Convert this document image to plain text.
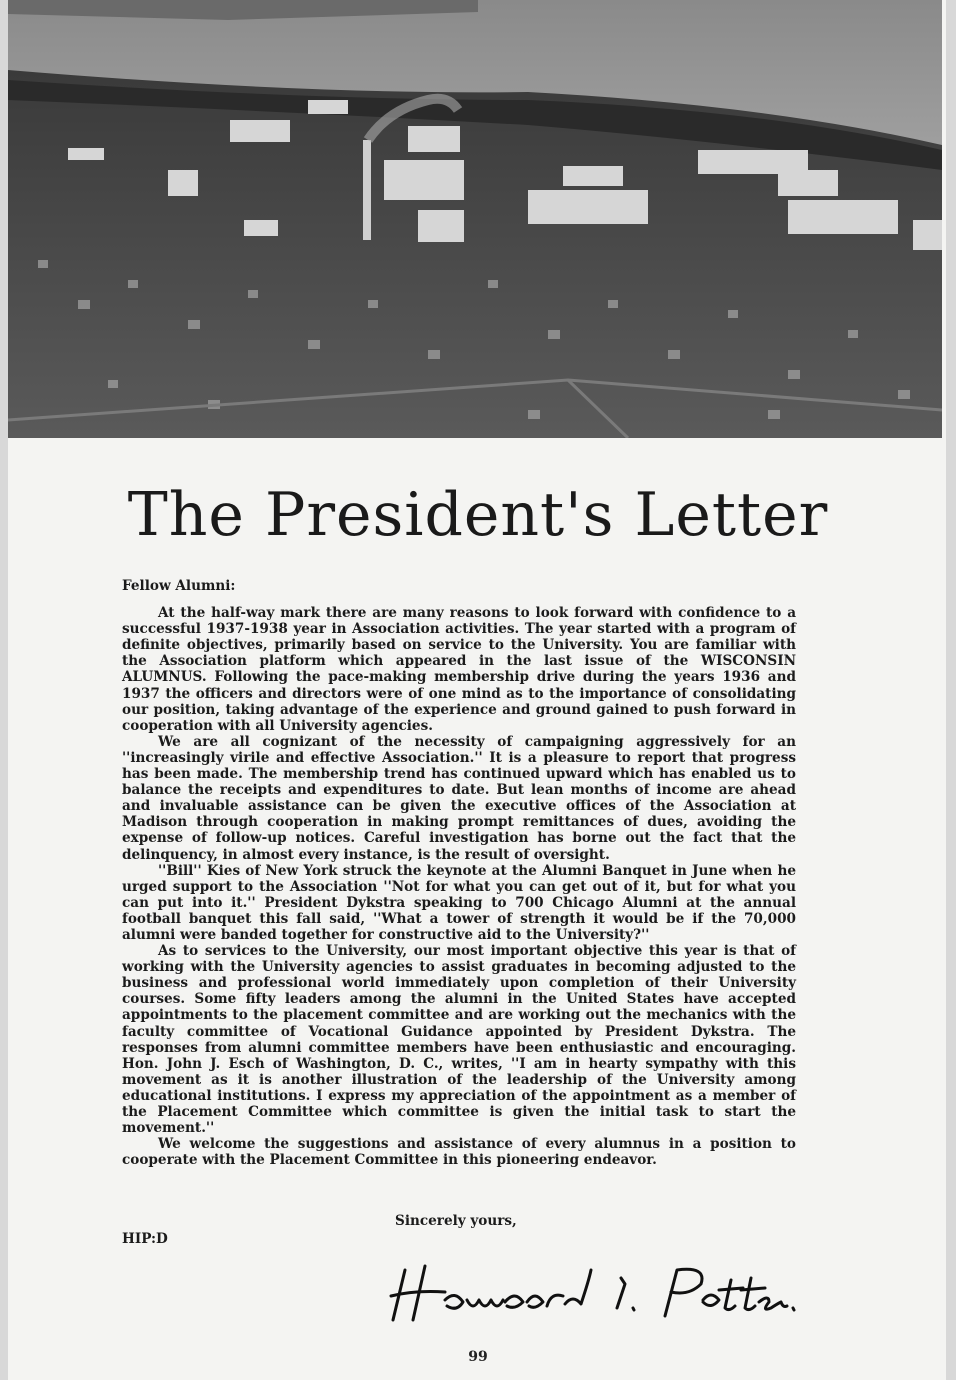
The President's Letter

Fellow Alumni:

At the half-way mark there are many reasons to look forward with confidence to a successful 1937-1938 year in Association activities. The year started with a program of definite objectives, primarily based on service to the University. You are familiar with the Association platform which appeared in the last issue of the WISCONSIN ALUMNUS. Following the pace-making membership drive during the years 1936 and 1937 the officers and directors were of one mind as to the importance of consolidating our position, taking advantage of the experience and ground gained to push forward in cooperation with all University agencies.

We are all cognizant of the necessity of campaigning aggressively for an ''increasingly virile and effective Association.'' It is a pleasure to report that progress has been made. The membership trend has continued upward which has enabled us to balance the receipts and expenditures to date. But lean months of income are ahead and invaluable assistance can be given the executive offices of the Association at Madison through cooperation in making prompt remittances of dues, avoiding the expense of follow-up notices. Careful investigation has borne out the fact that the delinquency, in almost every instance, is the result of oversight.

''Bill'' Kies of New York struck the keynote at the Alumni Banquet in June when he urged support to the Association ''Not for what you can get out of it, but for what you can put into it.'' President Dykstra speaking to 700 Chicago Alumni at the annual football banquet this fall said, ''What a tower of strength it would be if the 70,000 alumni were banded together for constructive aid to the University?''

As to services to the University, our most important objective this year is that of working with the University agencies to assist graduates in becoming adjusted to the business and professional world immediately upon completion of their University courses. Some fifty leaders among the alumni in the United States have accepted appointments to the placement committee and are working out the mechanics with the faculty committee of Vocational Guidance appointed by President Dykstra. The responses from alumni committee members have been enthusiastic and encouraging. Hon. John J. Esch of Washington, D. C., writes, ''I am in hearty sympathy with this movement as it is another illustration of the leadership of the University among educational institutions. I express my appreciation of the appointment as a member of the Placement Committee which committee is given the initial task to start the movement.''

We welcome the suggestions and assistance of every alumnus in a position to cooperate with the Placement Committee in this pioneering endeavor.

Sincerely yours,
HIP:D
99
